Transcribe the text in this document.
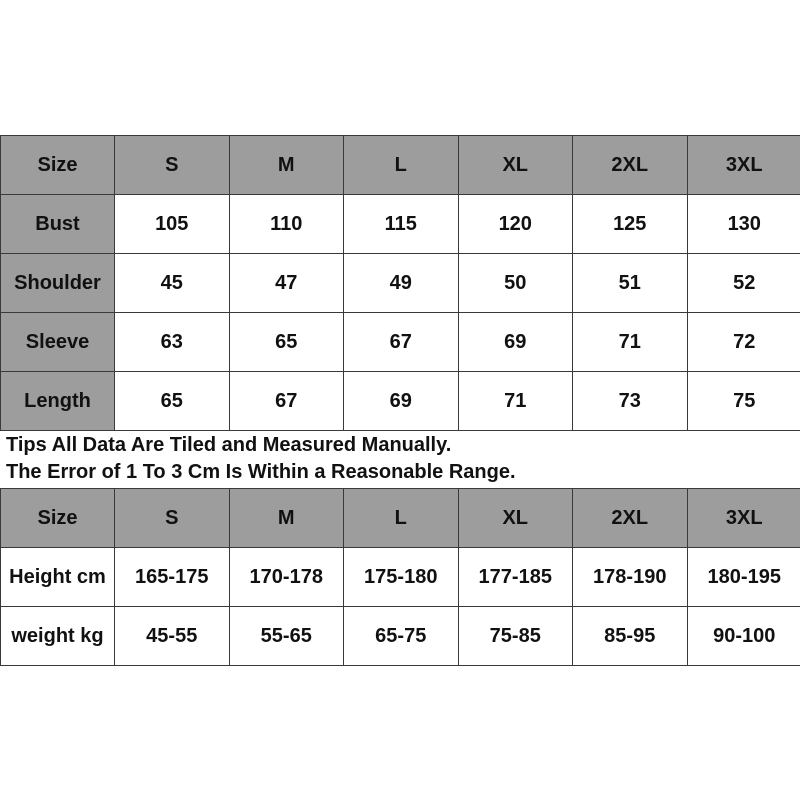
Size	S	M	L	XL	2XL	3XL
Bust	105	110	115	120	125	130
Shoulder	45	47	49	50	51	52
Sleeve	63	65	67	69	71	72
Length	65	67	69	71	73	75
Tips All Data Are Tiled and Measured Manually.
The Error of 1 To 3 Cm Is Within a Reasonable Range.
Size	S	M	L	XL	2XL	3XL
Height cm	165-175	170-178	175-180	177-185	178-190	180-195
weight kg	45-55	55-65	65-75	75-85	85-95	90-100
